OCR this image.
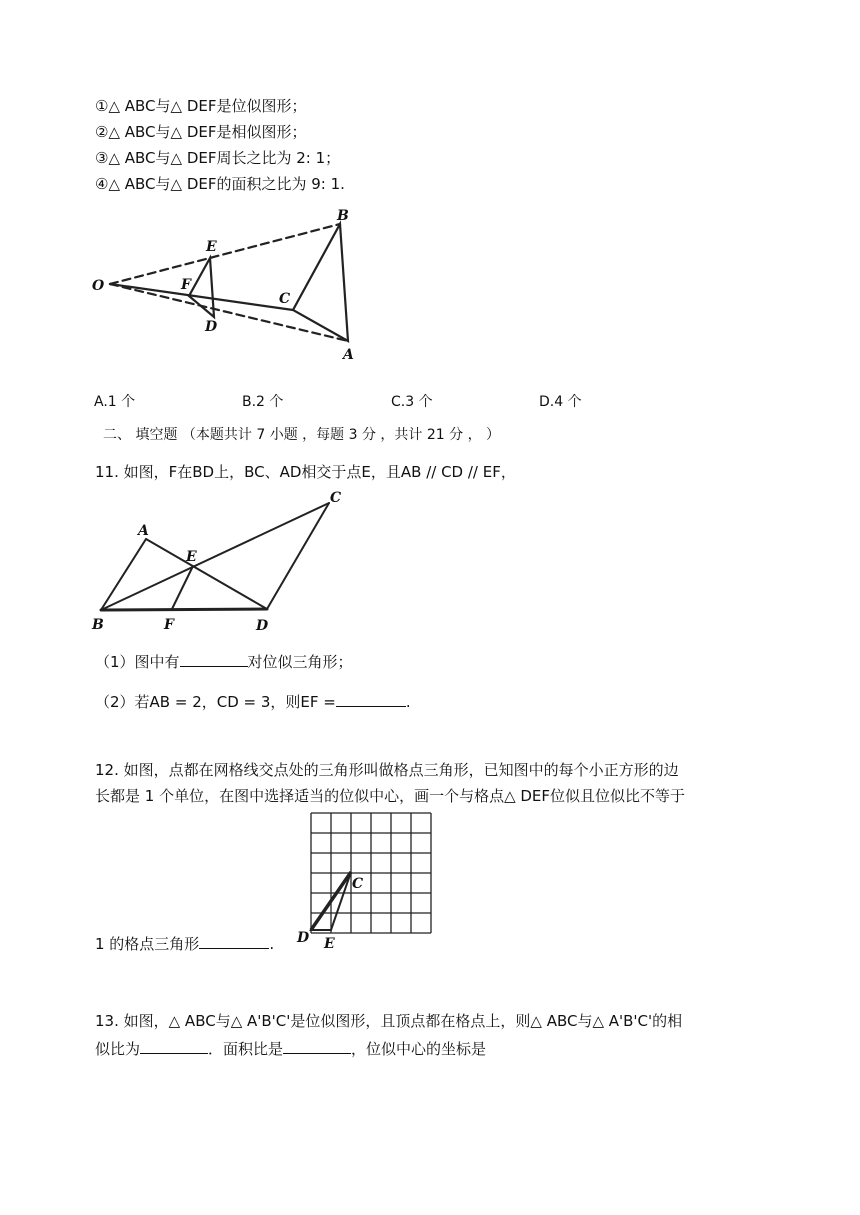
①△ ABC与△ DEF是位似图形；
②△ ABC与△ DEF是相似图形；
③△ ABC与△ DEF周长之比为 2: 1；
④△ ABC与△ DEF的面积之比为 9: 1.
O
E
F
D
C
B
A
A.1 个	B.2 个	C.3 个	D.4 个
二、 填空题 （本题共计 7 小题 ，每题 3 分 ，共计 21 分 ， ）
11. 如图，F在BD上，BC、AD相交于点E，且AB // CD // EF，
A
C
E
B	F	D
（1）图中有	对位似三角形；
（2）若AB = 2，CD = 3，则EF =	.
12. 如图，点都在网格线交点处的三角形叫做格点三角形，已知图中的每个小正方形的边
长都是 1 个单位，在图中选择适当的位似中心，画一个与格点△ DEF位似且位似比不等于
C
D E
1 的格点三角形	.
13. 如图，△ ABC与△ A'B'C'是位似图形，且顶点都在格点上，则△ ABC与△ A'B'C'的相
似比为	．面积比是	，位似中心的坐标是
